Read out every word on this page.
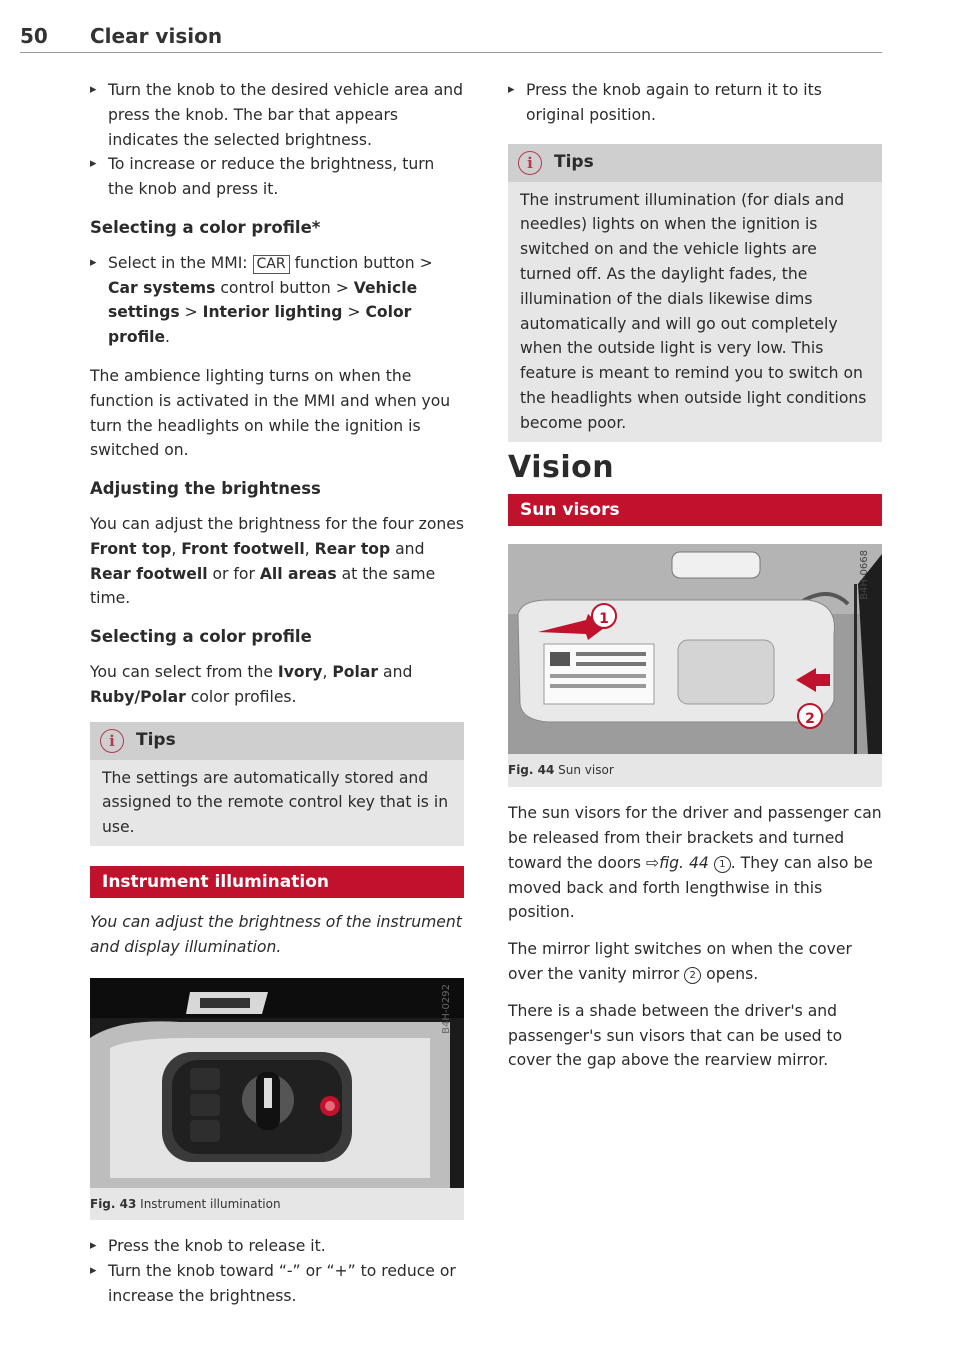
50 Clear vision

▸ Turn the knob to the desired vehicle area and press the knob. The bar that appears indicates the selected brightness.

▸ To increase or reduce the brightness, turn the knob and press it.

Selecting a color profile*

▸ Select in the MMI: CAR function button > Car systems control button > Vehicle settings > Interior lighting > Color profile.

The ambience lighting turns on when the function is activated in the MMI and when you turn the headlights on while the ignition is switched on.

Adjusting the brightness

You can adjust the brightness for the four zones Front top, Front footwell, Rear top and Rear footwell or for All areas at the same time.

Selecting a color profile

You can select from the Ivory, Polar and Ruby/Polar color profiles.

i	Tips
The settings are automatically stored and assigned to the remote control key that is in use.
Instrument illumination

You can adjust the brightness of the instrument and display illumination.

B4H-0292
Fig. 43 Instrument illumination

▸ Press the knob to release it.

▸ Turn the knob toward “-” or “+” to reduce or increase the brightness.

▸ Press the knob again to return it to its original position.

i	Tips
The instrument illumination (for dials and needles) lights on when the ignition is switched on and the vehicle lights are turned off. As the daylight fades, the illumination of the dials likewise dims automatically and will go out completely when the outside light is very low. This feature is meant to remind you to switch on the headlights when outside light conditions become poor.
Vision
Sun visors
1
2
B4H-0668
Fig. 44 Sun visor

The sun visors for the driver and passenger can be released from their brackets and turned toward the doors ⇨fig. 44 1 . They can also be moved back and forth lengthwise in this position.

The mirror light switches on when the cover over the vanity mirror 2 opens.

There is a shade between the driver's and passenger's sun visors that can be used to cover the gap above the rearview mirror.
